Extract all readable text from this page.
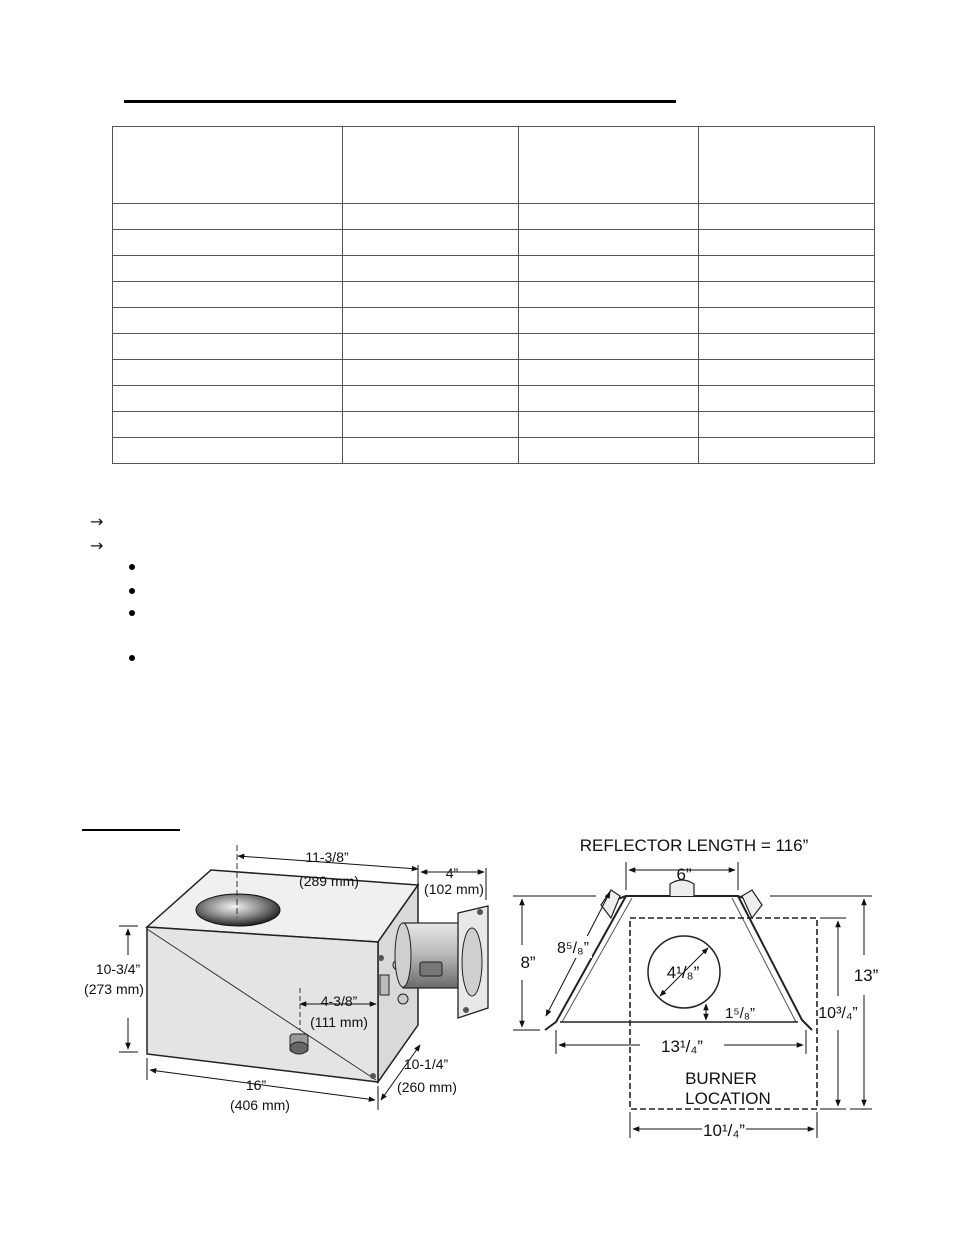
→
→
11-3/8”
(289 mm)	4”
(102 mm)
10-3/4”
(273 mm)
4-3/8”
(111 mm)
16”
(406 mm)
10-1/4”
(260 mm)
REFLECTOR LENGTH = 116”
BURNER
LOCATION
4¹/₈”
1⁵/₈”
6”
8”
8⁵/₈”
13¹/₄”
10³/₄”
13”
10¹/₄”
